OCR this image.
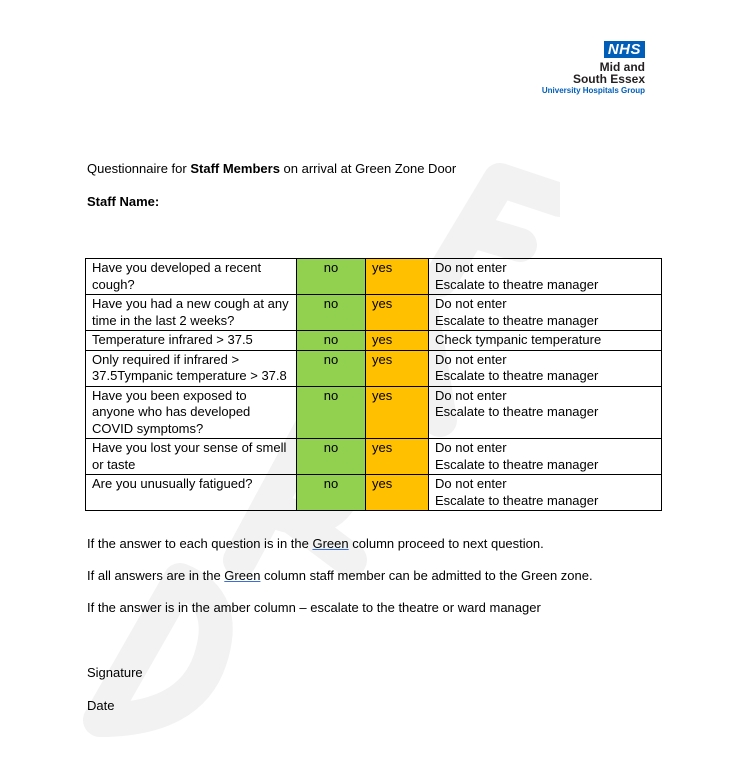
NHS
Mid and
South Essex
University Hospitals Group
Questionnaire for Staff Members on arrival at Green Zone Door
Staff Name:
Have you developed a recent cough?	no	yes	Do not enter
Escalate to theatre manager

Have you had a new cough at any time in the last 2 weeks?	no	yes	Do not enter
Escalate to theatre manager

Temperature infrared > 37.5	no	yes	Check tympanic temperature

Only required if infrared > 37.5Tympanic temperature > 37.8	no	yes	Do not enter
Escalate to theatre manager

Have you been exposed to anyone who has developed COVID symptoms?	no	yes	Do not enter
Escalate to theatre manager

Have you lost your sense of smell or taste	no	yes	Do not enter
Escalate to theatre manager

Are you unusually fatigued?	no	yes	Do not enter
Escalate to theatre manager
If the answer to each question is in the Green column proceed to next question.
If all answers are in the Green column staff member can be admitted to the Green zone.
If the answer is in the amber column – escalate to the theatre or ward manager
Signature
Date
